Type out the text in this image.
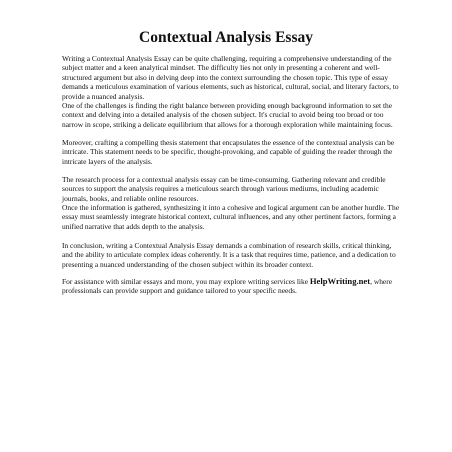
Contextual Analysis Essay

Writing a Contextual Analysis Essay can be quite challenging, requiring a comprehensive understanding of the subject matter and a keen analytical mindset. The difficulty lies not only in presenting a coherent and well-structured argument but also in delving deep into the context surrounding the chosen topic. This type of essay demands a meticulous examination of various elements, such as historical, cultural, social, and literary factors, to provide a nuanced analysis.

One of the challenges is finding the right balance between providing enough background information to set the context and delving into a detailed analysis of the chosen subject. It's crucial to avoid being too broad or too narrow in scope, striking a delicate equilibrium that allows for a thorough exploration while maintaining focus.

Moreover, crafting a compelling thesis statement that encapsulates the essence of the contextual analysis can be intricate. This statement needs to be specific, thought-provoking, and capable of guiding the reader through the intricate layers of the analysis.

The research process for a contextual analysis essay can be time-consuming. Gathering relevant and credible sources to support the analysis requires a meticulous search through various mediums, including academic journals, books, and reliable online resources.

Once the information is gathered, synthesizing it into a cohesive and logical argument can be another hurdle. The essay must seamlessly integrate historical context, cultural influences, and any other pertinent factors, forming a unified narrative that adds depth to the analysis.

In conclusion, writing a Contextual Analysis Essay demands a combination of research skills, critical thinking, and the ability to articulate complex ideas coherently. It is a task that requires time, patience, and a dedication to presenting a nuanced understanding of the chosen subject within its broader context.

For assistance with similar essays and more, you may explore writing services like HelpWriting.net, where professionals can provide support and guidance tailored to your specific needs.
